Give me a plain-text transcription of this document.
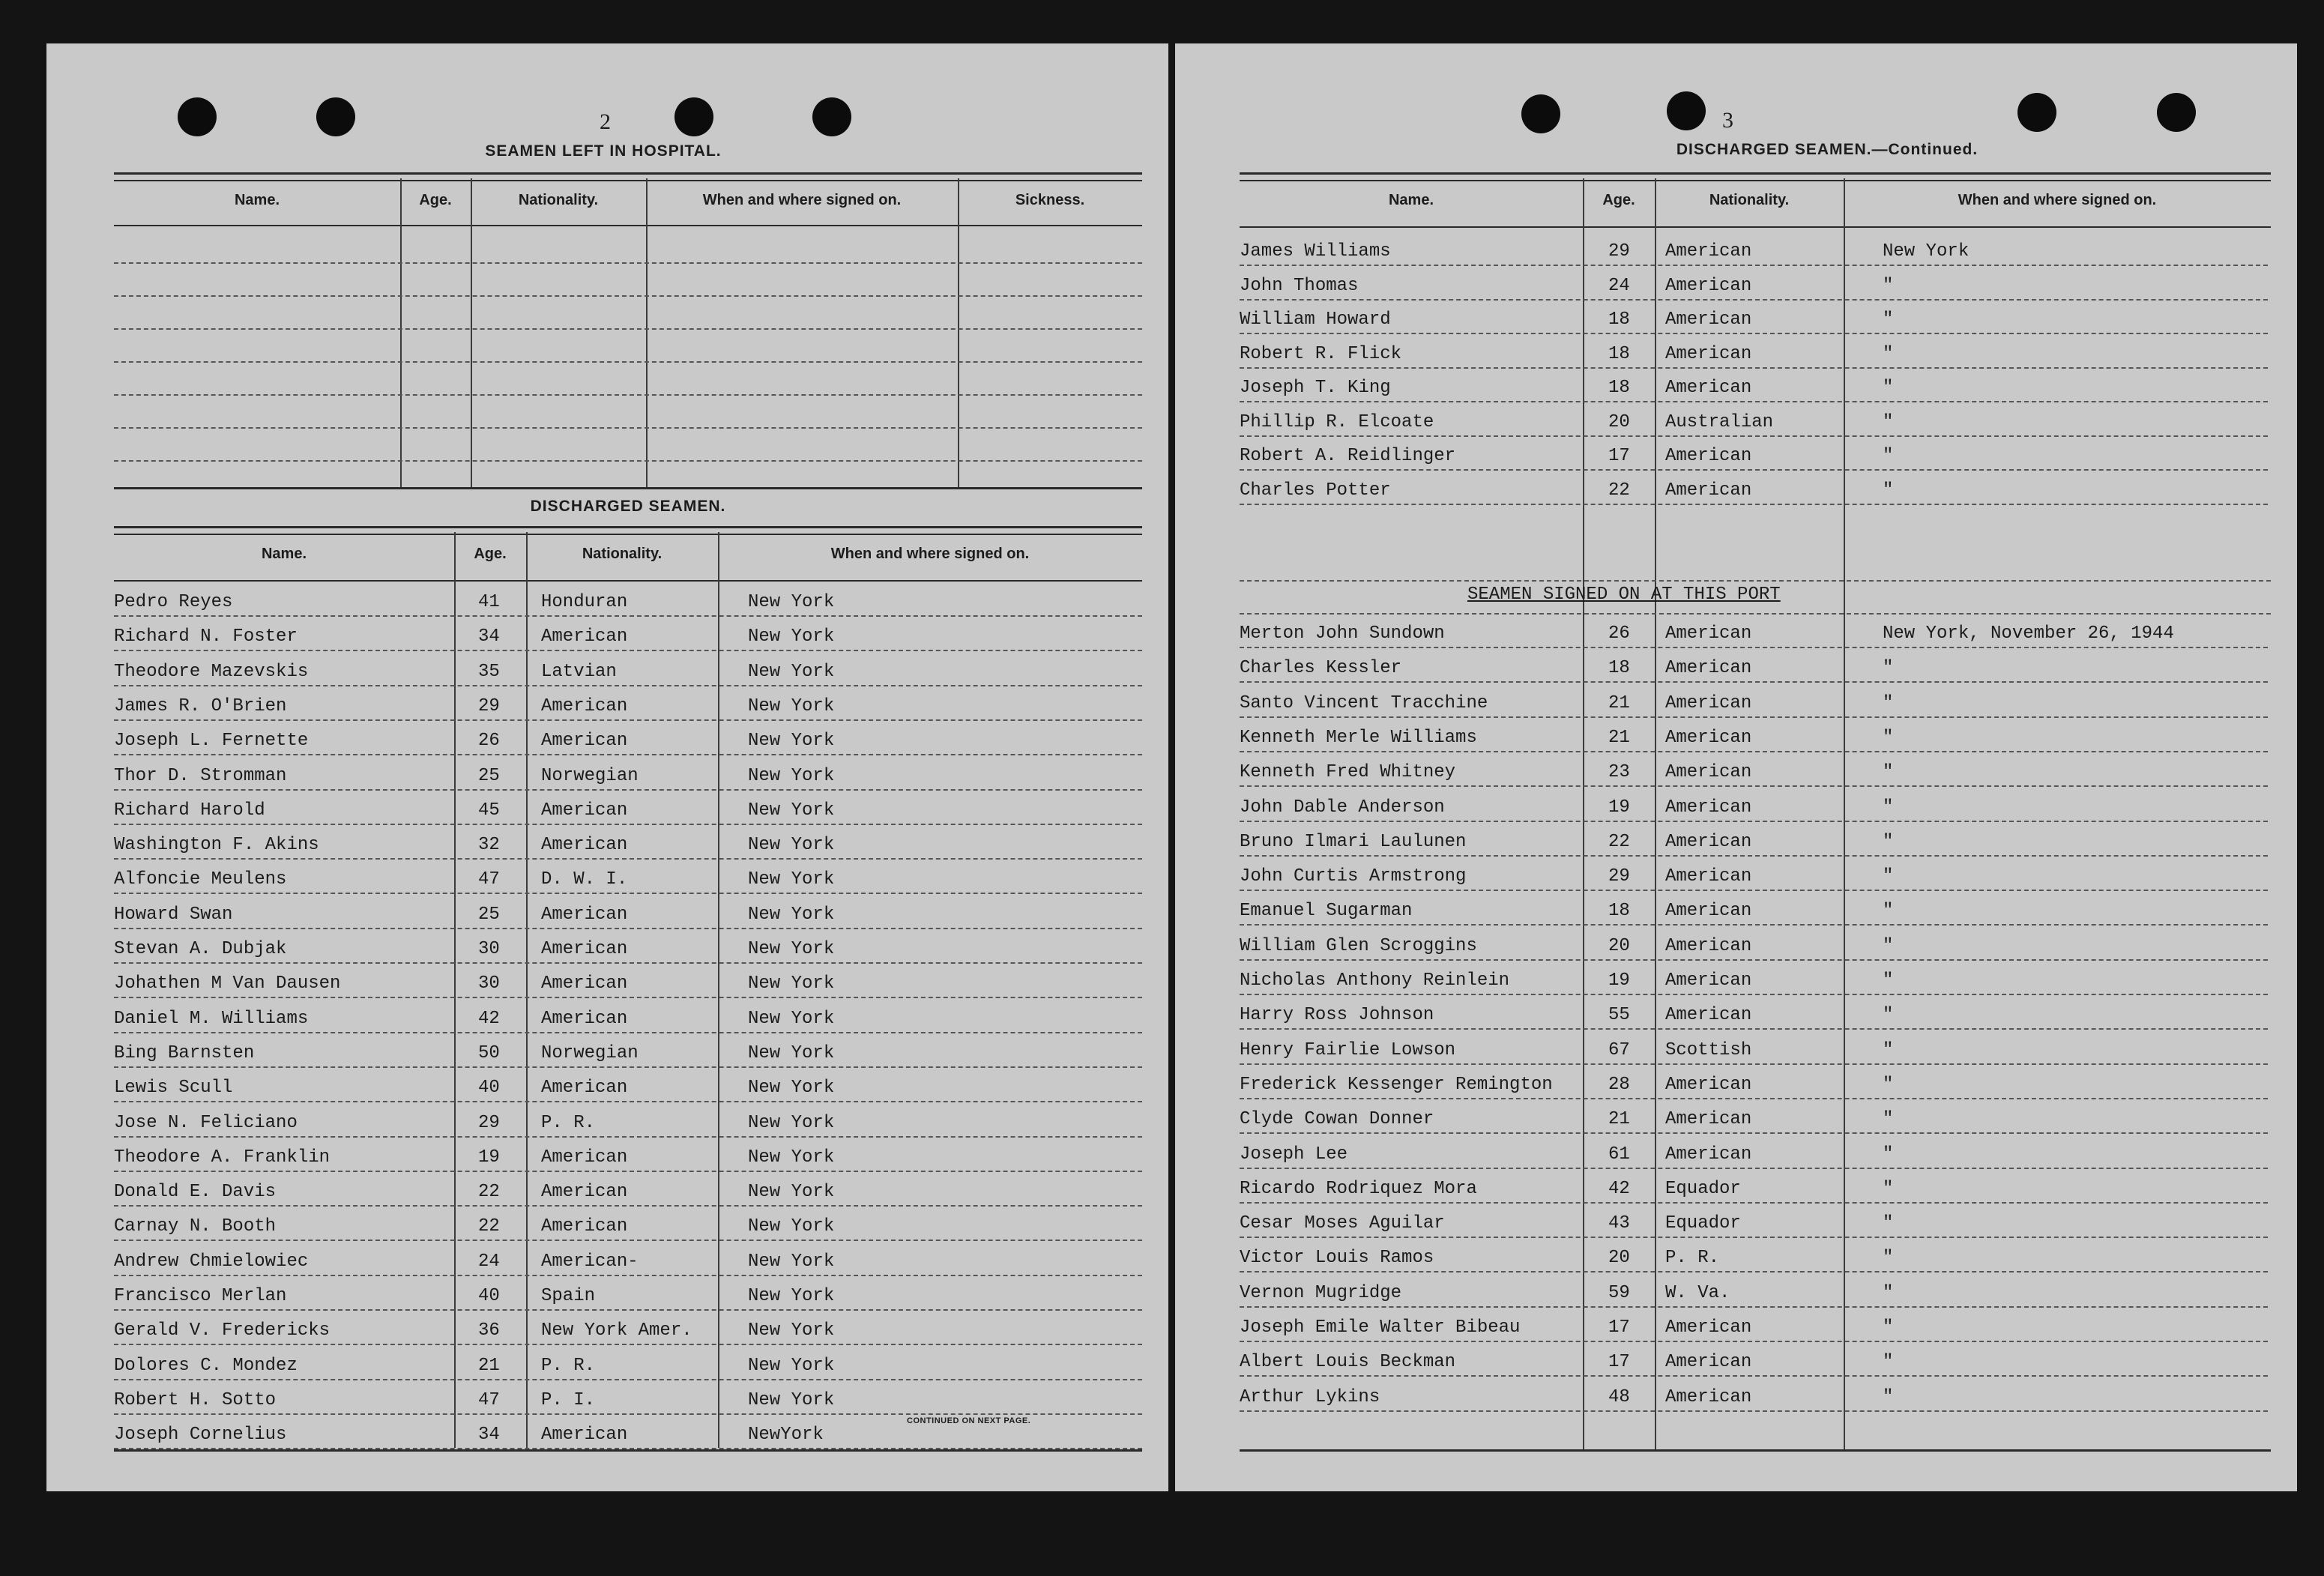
2
SEAMEN LEFT IN HOSPITAL.
Name.	Age.	Nationality.	When and where signed on.	Sickness.
DISCHARGED SEAMEN.
Name.	Age.	Nationality.	When and where signed on.
Pedro Reyes	41 Honduran	New York
Richard N. Foster	34 American	New York
Theodore Mazevskis	35 Latvian	New York
James R. O'Brien	29 American	New York
Joseph L. Fernette	26 American	New York
Thor D. Stromman	25 Norwegian	New York
Richard Harold	45 American	New York
Washington F. Akins	32 American	New York
Alfoncie Meulens	47 D. W. I.	New York
Howard Swan	25 American	New York
Stevan A. Dubjak	30 American	New York
Johathen M Van Dausen	30 American	New York
Daniel M. Williams	42 American	New York
Bing Barnsten	50 Norwegian	New York
Lewis Scull	40 American	New York
Jose N. Feliciano	29 P. R.	New York
Theodore A. Franklin	19 American	New York
Donald E. Davis	22 American	New York
Carnay N. Booth	22 American	New York
Andrew Chmielowiec	24 American-	New York
Francisco Merlan	40 Spain	New York
Gerald V. Fredericks	36 New York Amer.	New York
Dolores C. Mondez	21 P. R.	New York
Robert H. Sotto	47 P. I.	New York
Joseph Cornelius	34 American	NewYork
CONTINUED ON NEXT PAGE.
3
DISCHARGED SEAMEN.—Continued.
Name.	Age.	Nationality.	When and where signed on.
James Williams	29 American	New York
John Thomas	24 American	"
William Howard	18 American	"
Robert R. Flick	18 American	"
Joseph T. King	18 American	"
Phillip R. Elcoate	20 Australian	"
Robert A. Reidlinger	17 American	"
Charles Potter	22 American	"
SEAMEN SIGNED ON AT THIS PORT
Merton John Sundown	26 American	New York, November 26, 1944
Charles Kessler	18 American	"
Santo Vincent Tracchine	21 American	"
Kenneth Merle Williams	21 American	"
Kenneth Fred Whitney	23 American	"
John Dable Anderson	19 American	"
Bruno Ilmari Laulunen	22 American	"
John Curtis Armstrong	29 American	"
Emanuel Sugarman	18 American	"
William Glen Scroggins	20 American	"
Nicholas Anthony Reinlein	19 American	"
Harry Ross Johnson	55 American	"
Henry Fairlie Lowson	67 Scottish	"
Frederick Kessenger Remington	28 American	"
Clyde Cowan Donner	21 American	"
Joseph Lee	61 American	"
Ricardo Rodriquez Mora	42 Equador	"
Cesar Moses Aguilar	43 Equador	"
Victor Louis Ramos	20 P. R.	"
Vernon Mugridge	59 W. Va.	"
Joseph Emile Walter Bibeau	17 American	"
Albert Louis Beckman	17 American	"
Arthur Lykins	48 American	"
